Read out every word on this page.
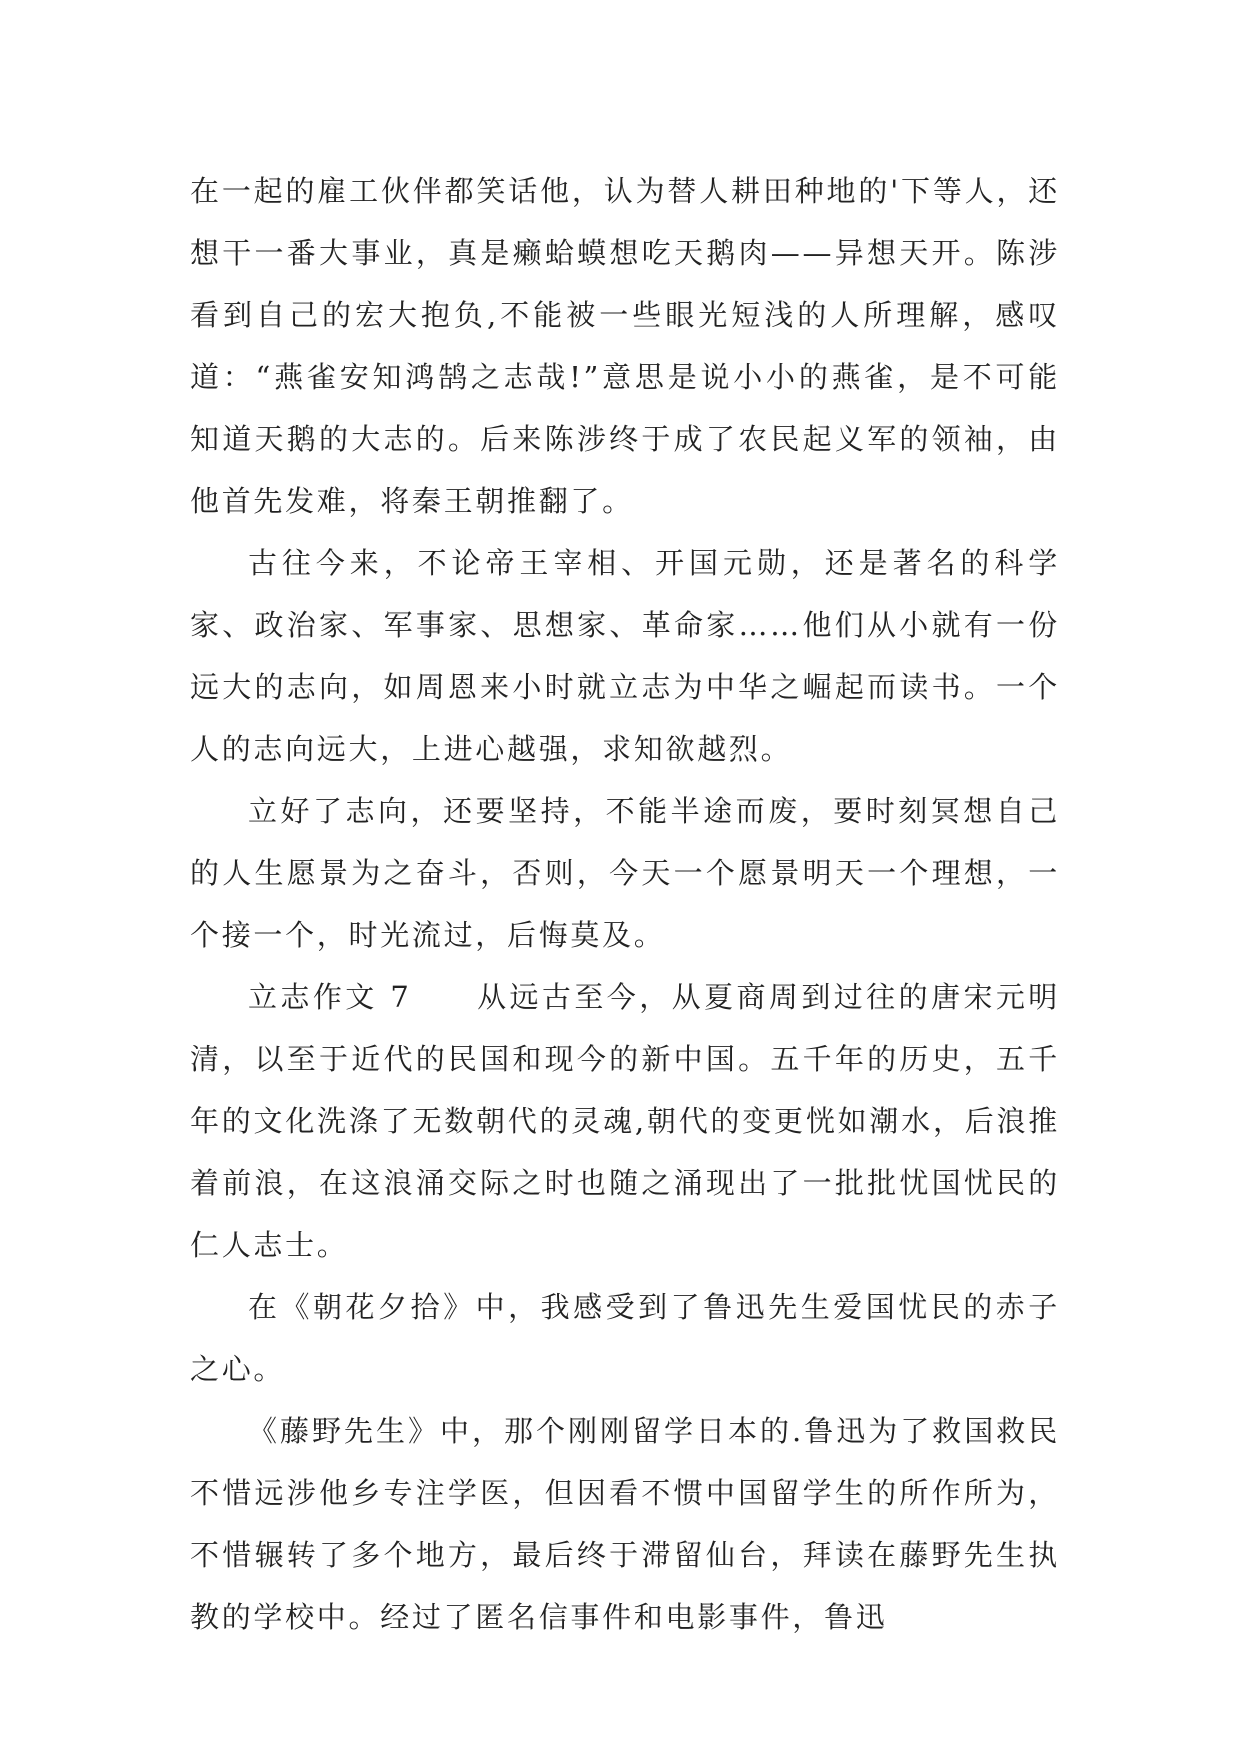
在一起的雇工伙伴都笑话他，认为替人耕田种地的'下等人，还想干一番大事业，真是癞蛤蟆想吃天鹅肉——异想天开。陈涉看到自己的宏大抱负,不能被一些眼光短浅的人所理解，感叹道：“燕雀安知鸿鹄之志哉!”意思是说小小的燕雀，是不可能知道天鹅的大志的。后来陈涉终于成了农民起义军的领袖，由他首先发难，将秦王朝推翻了。

古往今来，不论帝王宰相、开国元勋，还是著名的科学家、政治家、军事家、思想家、革命家……他们从小就有一份远大的志向，如周恩来小时就立志为中华之崛起而读书。一个人的志向远大，上进心越强，求知欲越烈。

立好了志向，还要坚持，不能半途而废，要时刻冥想自己的人生愿景为之奋斗，否则，今天一个愿景明天一个理想，一个接一个，时光流过，后悔莫及。

立志作文 7　　从远古至今，从夏商周到过往的唐宋元明清，以至于近代的民国和现今的新中国。五千年的历史，五千年的文化洗涤了无数朝代的灵魂,朝代的变更恍如潮水，后浪推着前浪，在这浪涌交际之时也随之涌现出了一批批忧国忧民的仁人志士。

在《朝花夕拾》中，我感受到了鲁迅先生爱国忧民的赤子之心。

《藤野先生》中，那个刚刚留学日本的.鲁迅为了救国救民不惜远涉他乡专注学医，但因看不惯中国留学生的所作所为，不惜辗转了多个地方，最后终于滞留仙台，拜读在藤野先生执教的学校中。经过了匿名信事件和电影事件，鲁迅
